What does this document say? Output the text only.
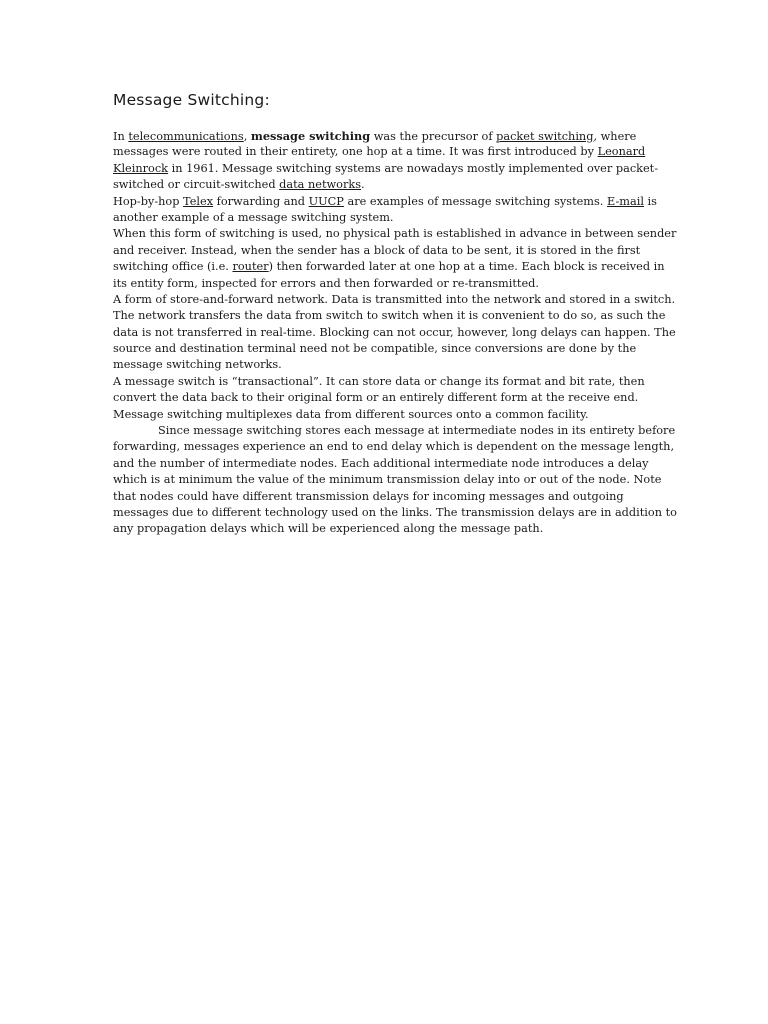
Message Switching:
In telecommunications, message switching was the precursor of packet switching, where
messages were routed in their entirety, one hop at a time. It was first introduced by Leonard
Kleinrock in 1961. Message switching systems are nowadays mostly implemented over packet-
switched or circuit-switched data networks.
Hop-by-hop Telex forwarding and UUCP are examples of message switching systems. E-mail is
another example of a message switching system.
When this form of switching is used, no physical path is established in advance in between sender
and receiver. Instead, when the sender has a block of data to be sent, it is stored in the first
switching office (i.e. router) then forwarded later at one hop at a time. Each block is received in
its entity form, inspected for errors and then forwarded or re-transmitted.
A form of store-and-forward network. Data is transmitted into the network and stored in a switch.
The network transfers the data from switch to switch when it is convenient to do so, as such the
data is not transferred in real-time. Blocking can not occur, however, long delays can happen. The
source and destination terminal need not be compatible, since conversions are done by the
message switching networks.
A message switch is “transactional”. It can store data or change its format and bit rate, then
convert the data back to their original form or an entirely different form at the receive end.
Message switching multiplexes data from different sources onto a common facility.
Since message switching stores each message at intermediate nodes in its entirety before
forwarding, messages experience an end to end delay which is dependent on the message length,
and the number of intermediate nodes. Each additional intermediate node introduces a delay
which is at minimum the value of the minimum transmission delay into or out of the node. Note
that nodes could have different transmission delays for incoming messages and outgoing
messages due to different technology used on the links. The transmission delays are in addition to
any propagation delays which will be experienced along the message path.
